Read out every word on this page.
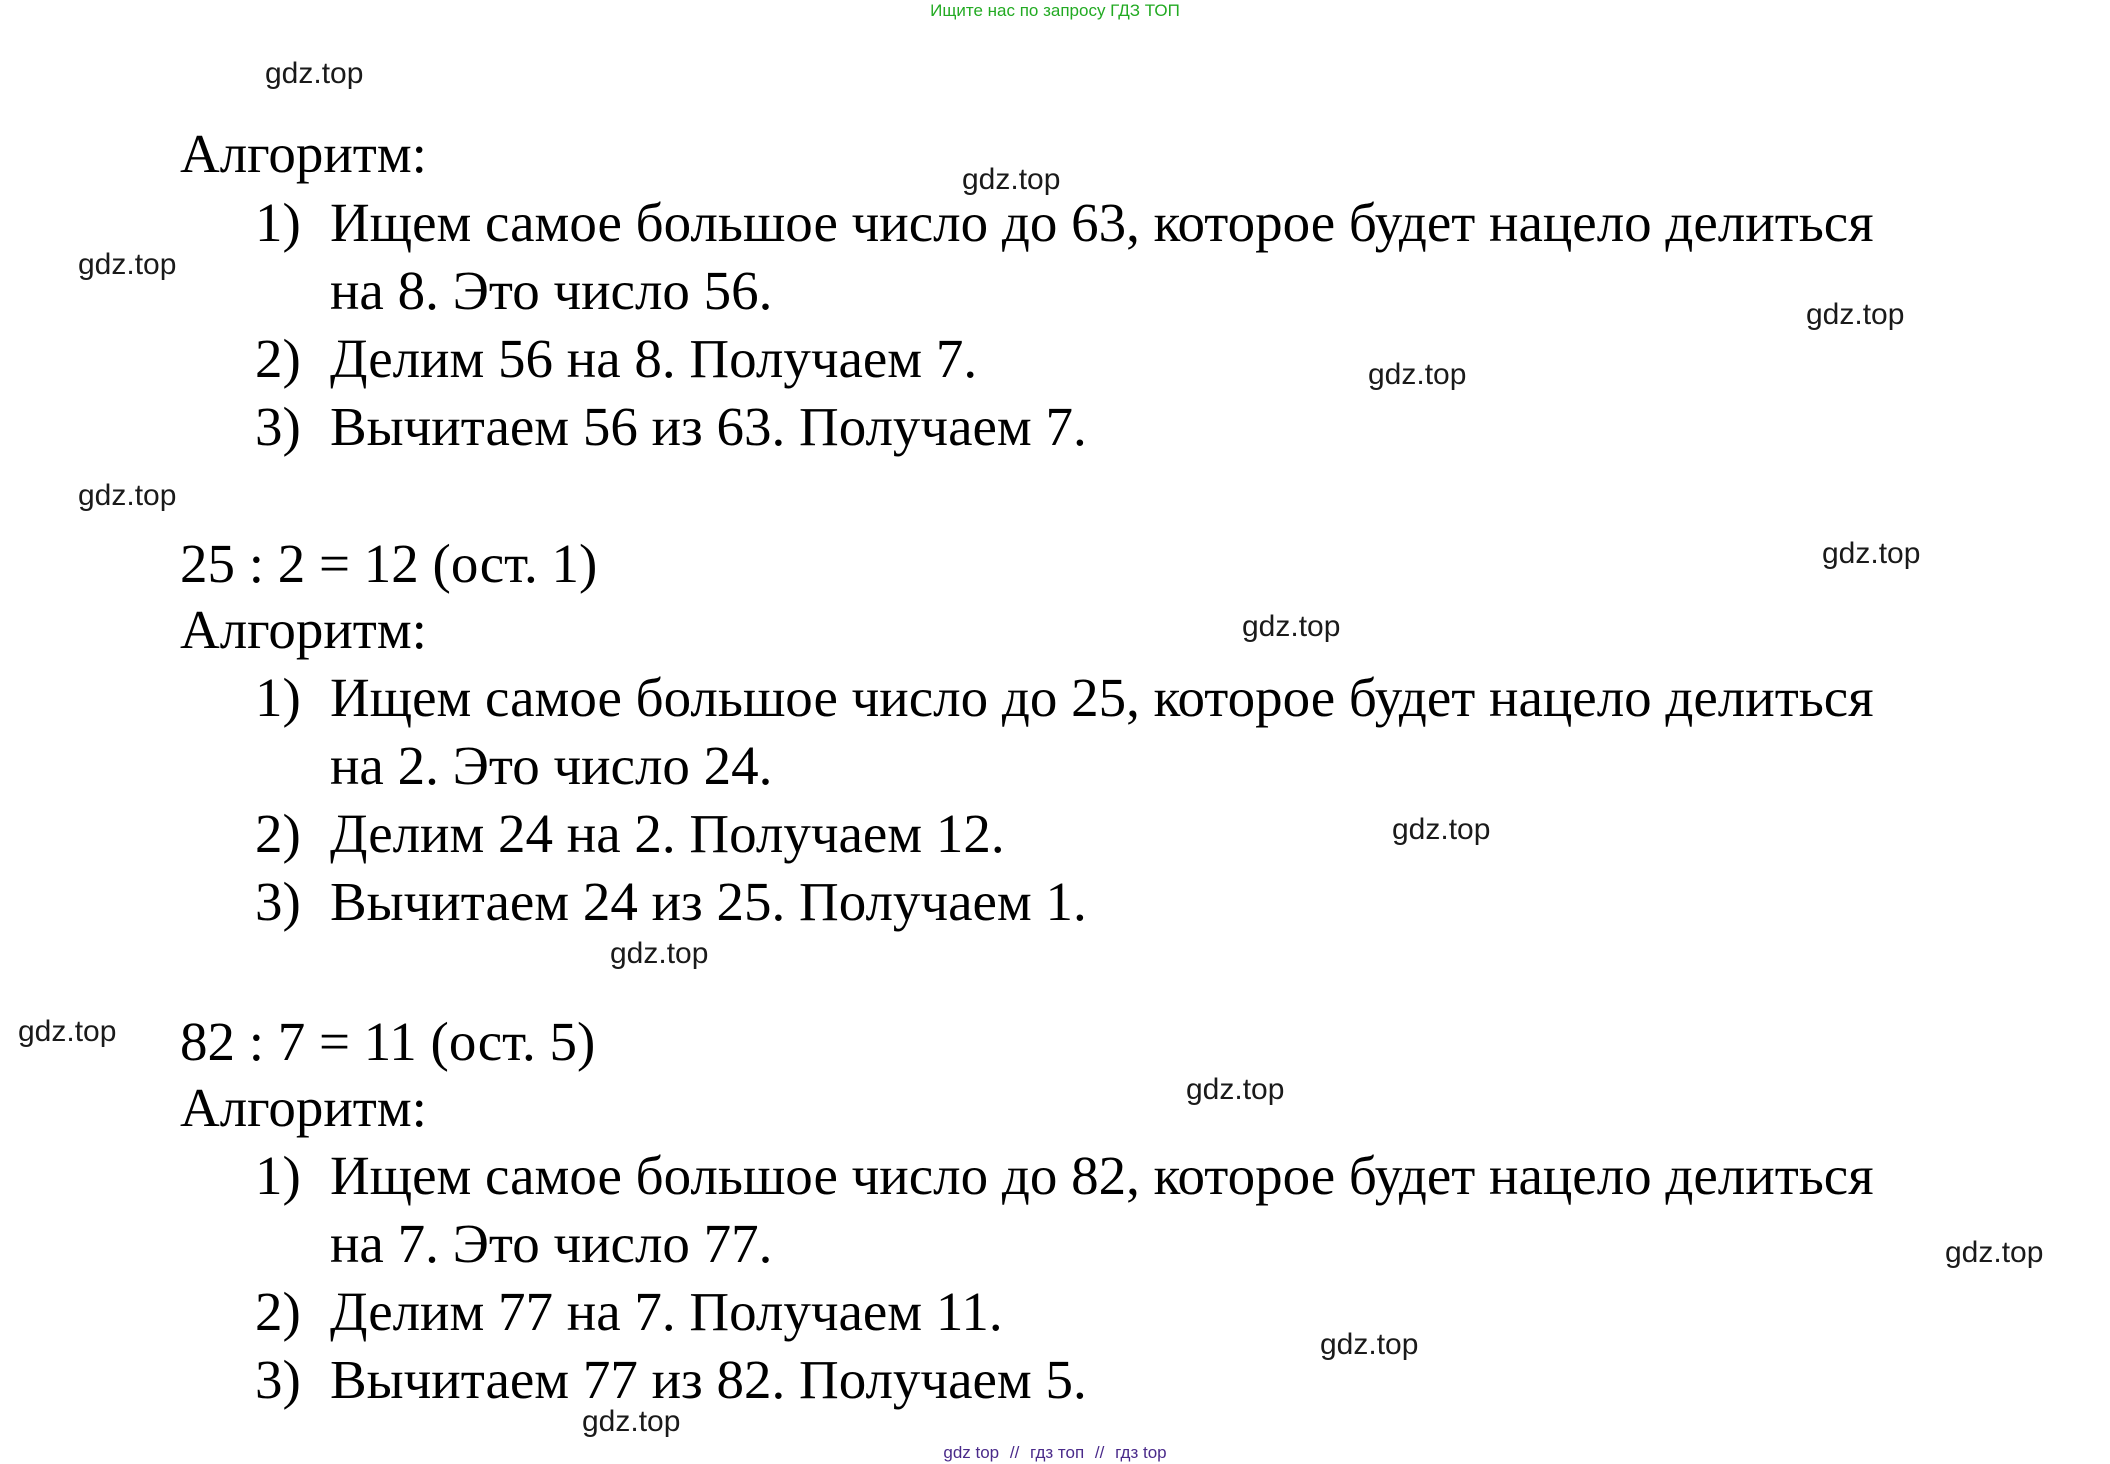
Ищите нас по запросу ГДЗ ТОП
gdz.top
gdz.top
gdz.top
gdz.top
gdz.top
gdz.top
gdz.top
gdz.top
gdz.top
gdz.top
gdz.top
gdz.top
gdz.top
gdz.top
gdz.top
Алгоритм:
1) Ищем самое большое число до 63, которое будет нацело делиться
на 8. Это число 56.
2) Делим 56 на 8. Получаем 7.
3) Вычитаем 56 из 63. Получаем 7.
25 : 2 = 12 (ост. 1)
Алгоритм:
1) Ищем самое большое число до 25, которое будет нацело делиться
на 2. Это число 24.
2) Делим 24 на 2. Получаем 12.
3) Вычитаем 24 из 25. Получаем 1.
82 : 7 = 11 (ост. 5)
Алгоритм:
1) Ищем самое большое число до 82, которое будет нацело делиться
на 7. Это число 77.
2) Делим 77 на 7. Получаем 11.
3) Вычитаем 77 из 82. Получаем 5.
gdz top // гдз топ // гдз top
